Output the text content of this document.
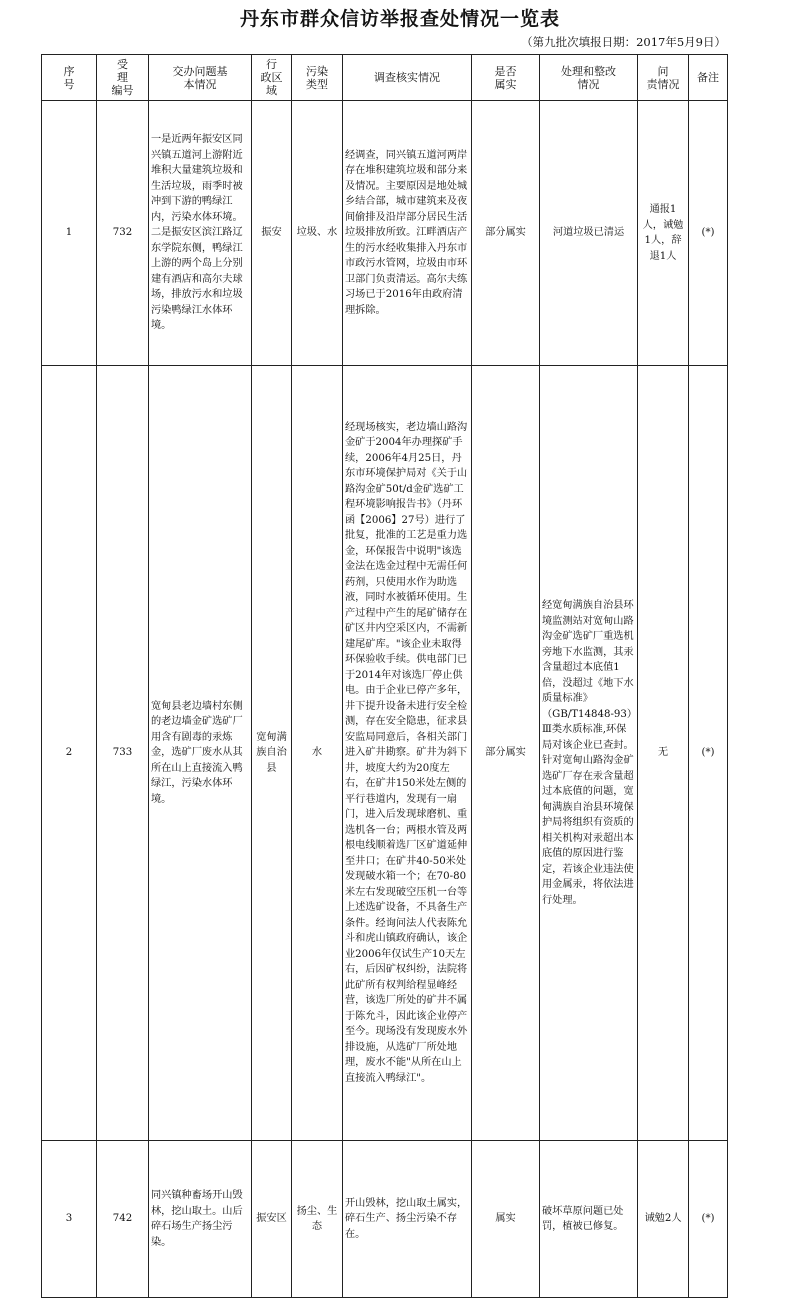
丹东市群众信访举报查处情况一览表
（第九批次填报日期：2017年5月9日）
序
号	受
理
编号	交办问题基
本情况	行
政区
域	污染
类型	调查核实情况	是否
属实	处理和整改
情况	问
责情况	备注

1	732	一是近两年振安区同兴镇五道河上游附近堆积大量建筑垃圾和生活垃圾，雨季时被冲到下游的鸭绿江内，污染水体环境。二是振安区滨江路辽东学院东侧，鸭绿江上游的两个岛上分别建有酒店和高尔夫球场，排放污水和垃圾污染鸭绿江水体环境。	振安	垃圾、水	经调查，同兴镇五道河两岸存在堆积建筑垃圾和部分来及情况。主要原因是地处城乡结合部，城市建筑来及夜间偷排及沿岸部分居民生活垃圾排放所致。江畔酒店产生的污水经收集排入丹东市市政污水管网，垃圾由市环卫部门负责清运。高尔夫练习场已于2016年由政府清理拆除。	部分属实	河道垃圾已清运	通报1人，诫勉1人，辞退1人	(*)
2	733	宽甸县老边墙村东侧的老边墙金矿选矿厂用含有剧毒的汞炼金，选矿厂废水从其所在山上直接流入鸭绿江，污染水体环境。	宽甸满族自治县	水	经现场核实，老边墙山路沟金矿于2004年办理探矿手续，2006年4月25日，丹东市环境保护局对《关于山路沟金矿50t/d金矿选矿工程环境影响报告书》（丹环函【2006】27号）进行了批复，批准的工艺是重力选金，环保报告中说明"该选金法在选金过程中无需任何药剂，只使用水作为助选液，同时水被循环使用。生产过程中产生的尾矿储存在矿区井内空采区内，不需新建尾矿库。"该企业未取得环保验收手续。供电部门已于2014年对该选厂停止供电。由于企业已停产多年，井下提升设备未进行安全检测，存在安全隐患，征求县安监局同意后，各相关部门进入矿井勘察。矿井为斜下井，坡度大约为20度左右，在矿井150米处左侧的平行巷道内，发现有一扇门，进入后发现球磨机、重选机各一台；两根水管及两根电线顺着选厂区矿道延伸至井口；在矿井40-50米处发现破水箱一个；在70-80米左右发现破空压机一台等上述选矿设备，不具备生产条件。经询问法人代表陈允斗和虎山镇政府确认，该企业2006年仅试生产10天左右，后因矿权纠纷，法院将此矿所有权判给程显峰经营，该选厂所处的矿井不属于陈允斗，因此该企业停产至今。现场没有发现废水外排设施，从选矿厂所处地理，废水不能"从所在山上直接流入鸭绿江"。	部分属实	经宽甸满族自治县环境监测站对宽甸山路沟金矿选矿厂重选机旁地下水监测，其汞含量超过本底值1倍，没超过《地下水质量标准》（GB/T14848-93）Ⅲ类水质标准,环保局对该企业已查封。针对宽甸山路沟金矿选矿厂存在汞含量超过本底值的问题，宽甸满族自治县环境保护局将组织有资质的相关机构对汞超出本底值的原因进行鉴定，若该企业违法使用金属汞，将依法进行处理。	无	(*)
3	742	同兴镇种畜场开山毁林，挖山取土。山后碎石场生产扬尘污染。	振安区	扬尘、生态	开山毁林，挖山取土属实，碎石生产、扬尘污染不存在。	属实	破坏草原问题已处罚，植被已修复。	诫勉2人	(*)
